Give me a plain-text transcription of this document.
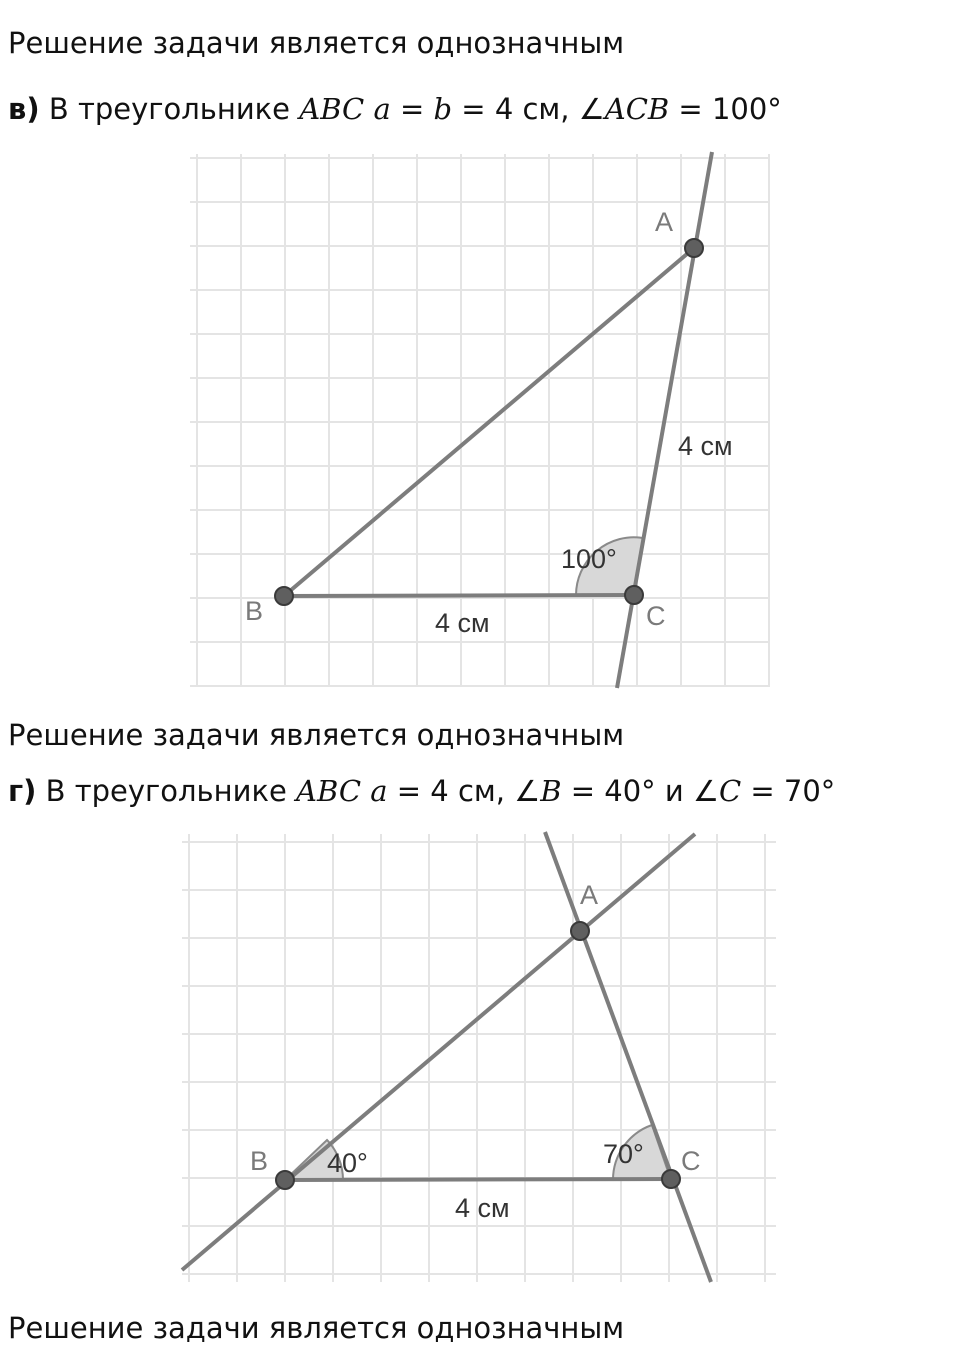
Решение задачи является однозначным

в) В треугольнике ABC a = b = 4 см, ∠ACB = 100°

A
B	C
4 см
4 см
100°

Решение задачи является однозначным

г) В треугольнике ABC a = 4 см, ∠B = 40° и ∠C = 70°

A
B	C
4 см
40°	70°

Решение задачи является однозначным
